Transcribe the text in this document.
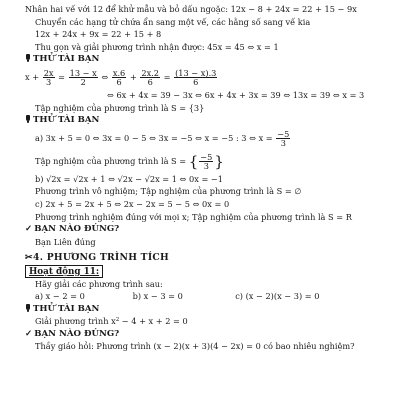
Nhân hai vế với 12 để khử mẫu và bỏ dấu ngoặc: 12x − 8 + 24x = 22 + 15 − 9x
Chuyển các hạng tử chứa ẩn sang một vế, các hằng số sang vế kia
12x + 24x + 9x = 22 + 15 + 8
Thu gọn và giải phương trình nhận được: 45x = 45 ⇔ x = 1
THỬ TÀI BẠN
$x + \frac{2x}{3} = \frac{13 - x}{2}$ ⇔ $\frac{x.6}{6} + \frac{2x.2}{6} = \frac{(13 - x).3}{6}$
⇔ 6x + 4x = 39 − 3x ⇔ 6x + 4x + 3x = 39 ⇔ 13x = 39 ⇔ x = 3
Tập nghiệm của phương trình là S = {3}
THỬ TÀI BẠN
a) 3x + 5 = 0 ⇔ 3x = 0 − 5 ⇔ 3x = −5 ⇔ x = −5 : 3 ⇔ $x = \frac{-5}{3}$
Tập nghiệm của phương trình là S = { $\frac{-5}{3}$ }
b) √2x = √2x + 1 ⇔ √2x − √2x = 1 ⇔ 0x = −1
Phương trình vô nghiệm; Tập nghiệm của phương trình là S = ∅
c) 2x + 5 = 2x + 5 ⇔ 2x − 2x = 5 − 5 ⇔ 0x = 0
Phương trình nghiệm đúng với mọi x; Tập nghiệm của phương trình là S = R
✓ BẠN NÀO ĐÚNG?
Bạn Liên đúng
✂4. PHƯƠNG TRÌNH TÍCH
Hoạt động 11:
Hãy giải các phương trình sau:
a) x − 2 = 0	b) x − 3 = 0	c) (x − 2)(x − 3) = 0
THỬ TÀI BẠN
Giải phương trình $x^2 - 4 + x + 2 = 0$
✓ BẠN NÀO ĐÚNG?
Thầy giáo hỏi: Phương trình (x − 2)(x + 3)(4 − 2x) = 0 có bao nhiêu nghiệm?
